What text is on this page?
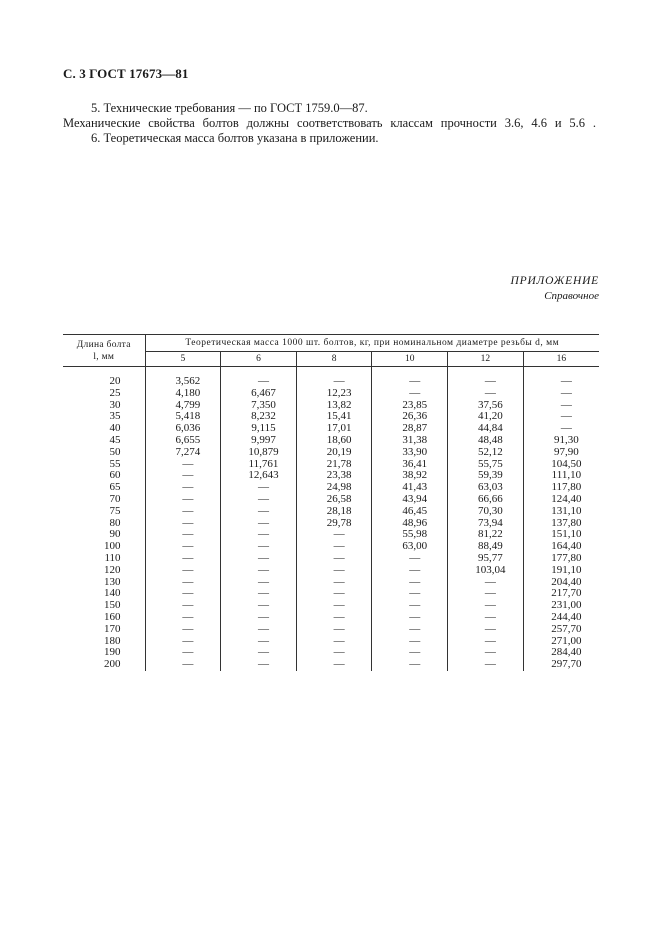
С. 3 ГОСТ 17673—81
5. Технические требования — по ГОСТ 1759.0—87.
Механические свойства болтов должны соответствовать классам прочности 3.6, 4.6 и 5.6 .
6. Теоретическая масса болтов указана в приложении.
ПРИЛОЖЕНИЕ
Справочное
Длина болта
l, мм	Теоретическая масса 1000 шт. болтов, кг, при номинальном диаметре резьбы d, мм					
	5	6	8	10	12	16

20	3,562	—	—	—	—	—
25	4,180	6,467	12,23	—	—	—
30	4,799	7,350	13,82	23,85	37,56	—
35	5,418	8,232	15,41	26,36	41,20	—
40	6,036	9,115	17,01	28,87	44,84	—
45	6,655	9,997	18,60	31,38	48,48	91,30
50	7,274	10,879	20,19	33,90	52,12	97,90
55	—	11,761	21,78	36,41	55,75	104,50
60	—	12,643	23,38	38,92	59,39	111,10
65	—	—	24,98	41,43	63,03	117,80
70	—	—	26,58	43,94	66,66	124,40
75	—	—	28,18	46,45	70,30	131,10
80	—	—	29,78	48,96	73,94	137,80
90	—	—	—	55,98	81,22	151,10
100	—	—	—	63,00	88,49	164,40
110	—	—	—	—	95,77	177,80
120	—	—	—	—	103,04	191,10
130	—	—	—	—	—	204,40
140	—	—	—	—	—	217,70
150	—	—	—	—	—	231,00
160	—	—	—	—	—	244,40
170	—	—	—	—	—	257,70
180	—	—	—	—	—	271,00
190	—	—	—	—	—	284,40
200	—	—	—	—	—	297,70
